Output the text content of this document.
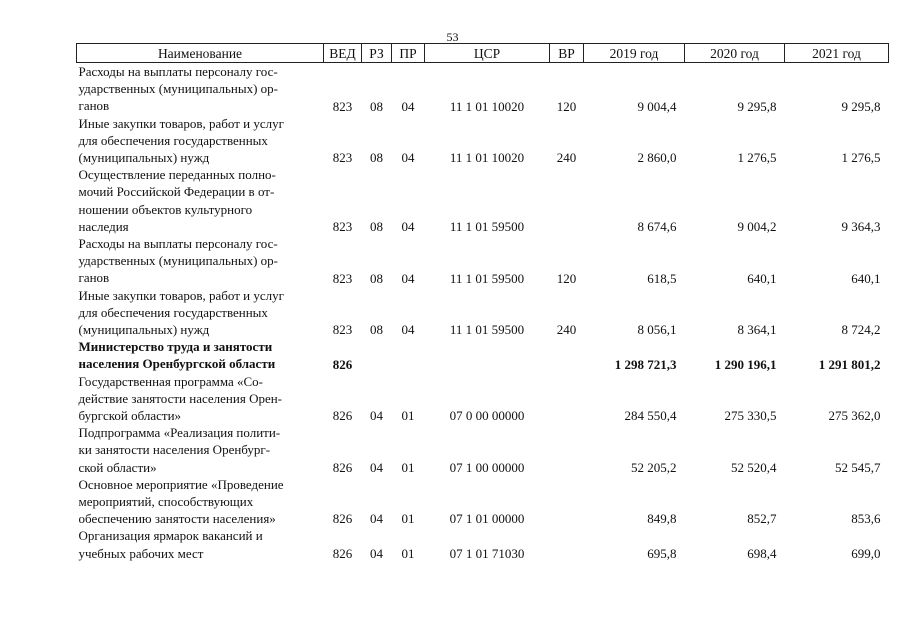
53
Наименование	ВЕД	РЗ	ПР	ЦСР	ВР	2019 год	2020 год	2021 год
Расходы на выплаты персоналу гос-
ударственных (муниципальных) ор-
ганов	823	08	04	11 1 01 10020	120	9 004,4	9 295,8	9 295,8
Иные закупки товаров, работ и услуг
для обеспечения государственных
(муниципальных) нужд	823	08	04	11 1 01 10020	240	2 860,0	1 276,5	1 276,5
Осуществление переданных полно-
мочий Российской Федерации в от-
ношении объектов культурного
наследия	823	08	04	11 1 01 59500		8 674,6	9 004,2	9 364,3
Расходы на выплаты персоналу гос-
ударственных (муниципальных) ор-
ганов	823	08	04	11 1 01 59500	120	618,5	640,1	640,1
Иные закупки товаров, работ и услуг
для обеспечения государственных
(муниципальных) нужд	823	08	04	11 1 01 59500	240	8 056,1	8 364,1	8 724,2
Министерство труда и занятости
населения Оренбургской области	826					1 298 721,3	1 290 196,1	1 291 801,2
Государственная программа «Со-
действие занятости населения Орен-
бургской области»	826	04	01	07 0 00 00000		284 550,4	275 330,5	275 362,0
Подпрограмма «Реализация полити-
ки занятости населения Оренбург-
ской области»	826	04	01	07 1 00 00000		52 205,2	52 520,4	52 545,7
Основное мероприятие «Проведение
мероприятий, способствующих
обеспечению занятости населения»	826	04	01	07 1 01 00000		849,8	852,7	853,6
Организация ярмарок вакансий и
учебных рабочих мест	826	04	01	07 1 01 71030		695,8	698,4	699,0
